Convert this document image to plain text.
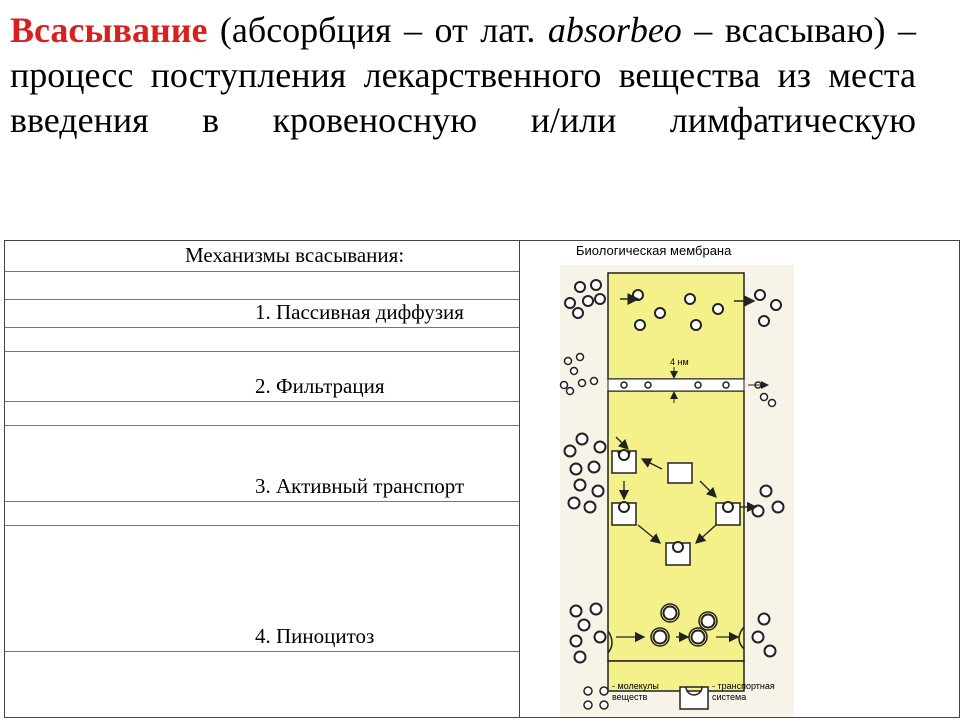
Всасывание (абсорбция – от лат. absorbeo – всасываю) – процесс поступления лекарственного вещества из места введения в кровеносную и/или лимфатическую
Механизмы всасывания:
1. Пассивная диффузия
2. Фильтрация
3. Активный транспорт
4. Пиноцитоз
Биологическая мембрана
4 нм
- молекулы веществ
- транспортная система
